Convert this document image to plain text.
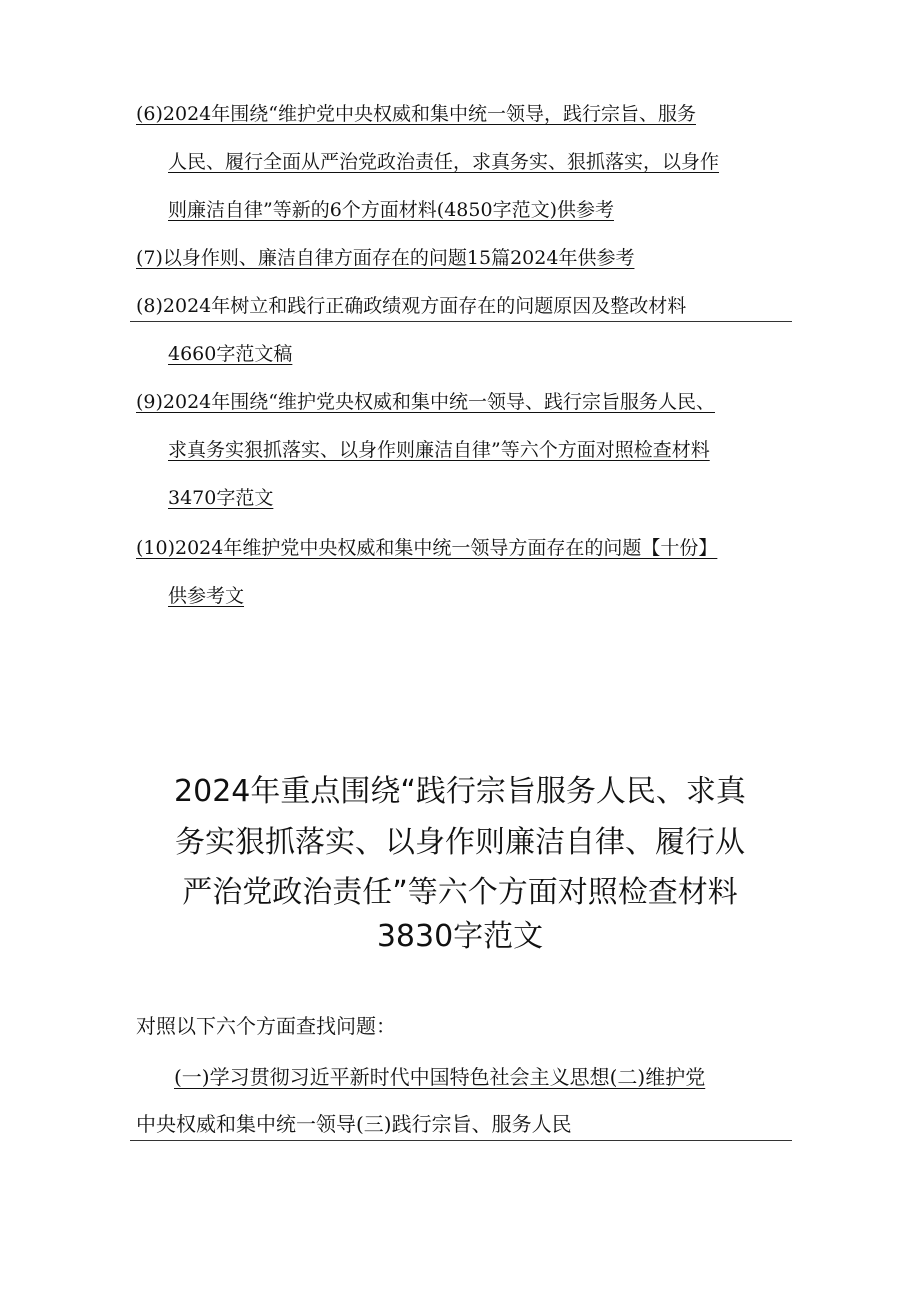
(6)2024年围绕“维护党中央权威和集中统一领导，践行宗旨、服务
人民、履行全面从严治党政治责任，求真务实、狠抓落实，以身作
则廉洁自律”等新的6个方面材料(4850字范文)供参考
(7)以身作则、廉洁自律方面存在的问题15篇2024年供参考
(8)2024年树立和践行正确政绩观方面存在的问题原因及整改材料
4660字范文稿
(9)2024年围绕“维护党央权威和集中统一领导、践行宗旨服务人民、
求真务实狠抓落实、以身作则廉洁自律”等六个方面对照检查材料
3470字范文
(10)2024年维护党中央权威和集中统一领导方面存在的问题【十份】
供参考文
2024年重点围绕“践行宗旨服务人民、求真
务实狠抓落实、以身作则廉洁自律、履行从
严治党政治责任”等六个方面对照检查材料
3830字范文
对照以下六个方面查找问题：
(一)学习贯彻习近平新时代中国特色社会主义思想(二)维护党
中央权威和集中统一领导(三)践行宗旨、服务人民
